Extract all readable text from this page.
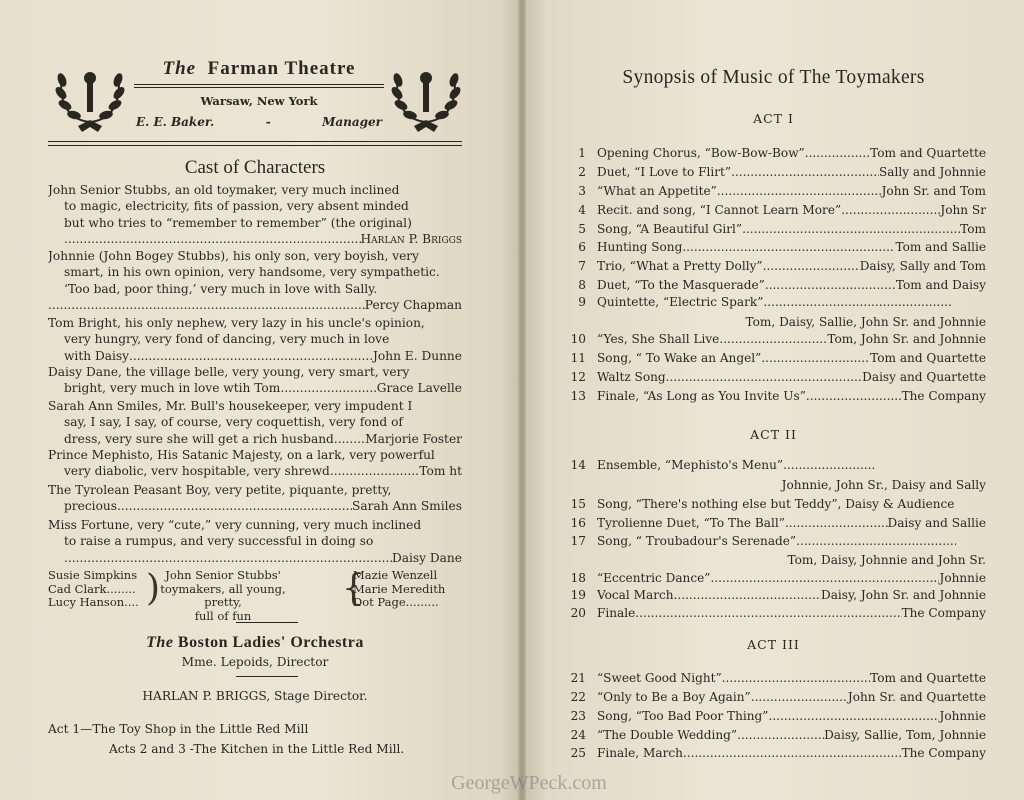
The Farman Theatre
Warsaw, New York
E. E. Baker.	-	Manager
Cast of Characters
John Senior Stubbs, an old toymaker, very much inclined
to magic, electricity, fits of passion, very absent minded
but who tries to “remember to remember” (the original)
.....
Harlan P. Briggs
Johnnie (John Bogey Stubbs), his only son, very boyish, very
smart, in his own opinion, very handsome, very sympathetic.
‘Too bad, poor thing,’ very much in love with Sally.
.....
Percy Chapman
Tom Bright, his only nephew, very lazy in his uncle's opinion,
very hungry, very fond of dancing, very much in love
with Daisy .....	John E. Dunne
Daisy Dane, the village belle, very young, very smart, very
bright, very much in love wtih Tom .....	Grace Lavelle
Sarah Ann Smiles, Mr. Bull's housekeeper, very impudent I
say, I say, I say, of course, very coquettish, very fond of
dress, very sure she will get a rich husband .....	Marjorie Foster
Prince Mephisto, His Satanic Majesty, on a lark, very powerful
very diabolic, verv hospitable, very shrewd .....	Tom ht
The Tyrolean Peasant Boy, very petite, piquante, pretty,
precious .....	Sarah Ann Smiles
Miss Fortune, very “cute,” very cunning, very much inclined
to raise a rumpus, and very successful in doing so
.....
Daisy Dane
Susie Simpkins
Cad Clark........
Lucy Hanson.... ) John Senior Stubbs'
toymakers, all young, pretty,
full of fun
{
Mazie Wenzell
Marie Meredith
Dot Page.........
The Boston Ladies' Orchestra
Mme. Lepoids, Director
HARLAN P. BRIGGS, Stage Director.
Act 1—The Toy Shop in the Little Red Mill
Acts 2 and 3 -The Kitchen in the Little Red Mill.
Synopsis of Music of The Toymakers
ACT I
1 Opening Chorus, “Bow-Bow-Bow” .....	Tom and Quartette
2 Duet, “I Love to Flirt” .....	Sally and Johnnie
3 “What an Appetite” .....	John Sr. and Tom
4 Recit. and song, “I Cannot Learn More” .....	John Sr
5 Song, “A Beautiful Girl” .....	Tom
6 Hunting Song .....	Tom and Sallie
7 Trio, “What a Pretty Dolly” .....	Daisy, Sally and Tom
8 Duet, “To the Masquerade” .....	Tom and Daisy
9 Quintette, “Electric Spark”
.....
Tom, Daisy, Sallie, John Sr. and Johnnie
10 “Yes, She Shall Live .....	Tom, John Sr. and Johnnie
11 Song, “ To Wake an Angel” .....	Tom and Quartette
12 Waltz Song .....	Daisy and Quartette
13 Finale, “As Long as You Invite Us” .....	The Company
ACT II
14 Ensemble, “Mephisto's Menu”
.....
Johnnie, John Sr., Daisy and Sally
15 Song, “There's nothing else but Teddy”, Daisy & Audience
16 Tyrolienne Duet, “To The Ball” .....	Daisy and Sallie
17 Song, “ Troubadour's Serenade”
.....
Tom, Daisy, Johnnie and John Sr.
18 “Eccentric Dance” .....	Johnnie
19 Vocal March .....	Daisy, John Sr. and Johnnie
20 Finale .....	The Company
ACT III
21 “Sweet Good Night” .....	Tom and Quartette
22 “Only to Be a Boy Again” .....	John Sr. and Quartette
23 Song, “Too Bad Poor Thing” .....	Johnnie
24 “The Double Wedding” .....	Daisy, Sallie, Tom, Johnnie
25 Finale, March .....	The Company
GeorgeWPeck.com
